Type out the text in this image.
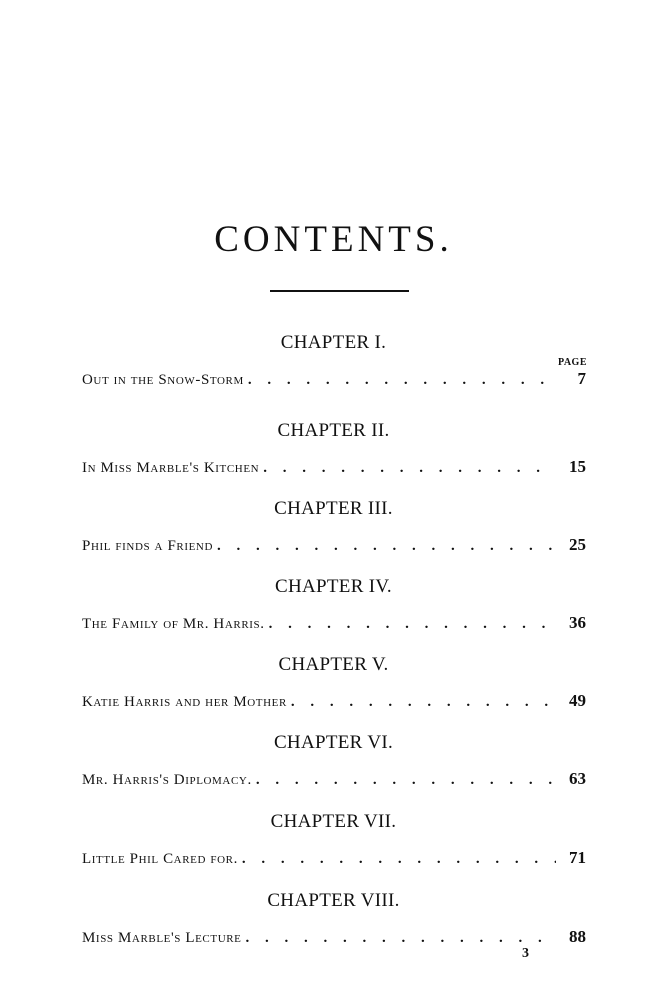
CONTENTS.
PAGE
CHAPTER I.
Out in the Snow-Storm . . .	7
CHAPTER II.
In Miss Marble's Kitchen . . .	15
CHAPTER III.
Phil finds a Friend . . .	25
CHAPTER IV.
The Family of Mr. Harris. . . .	36
CHAPTER V.
Katie Harris and her Mother . . .	49
CHAPTER VI.
Mr. Harris's Diplomacy. . . .	63
CHAPTER VII.
Little Phil Cared for. . . .	71
CHAPTER VIII.
Miss Marble's Lecture . . .	88
3
